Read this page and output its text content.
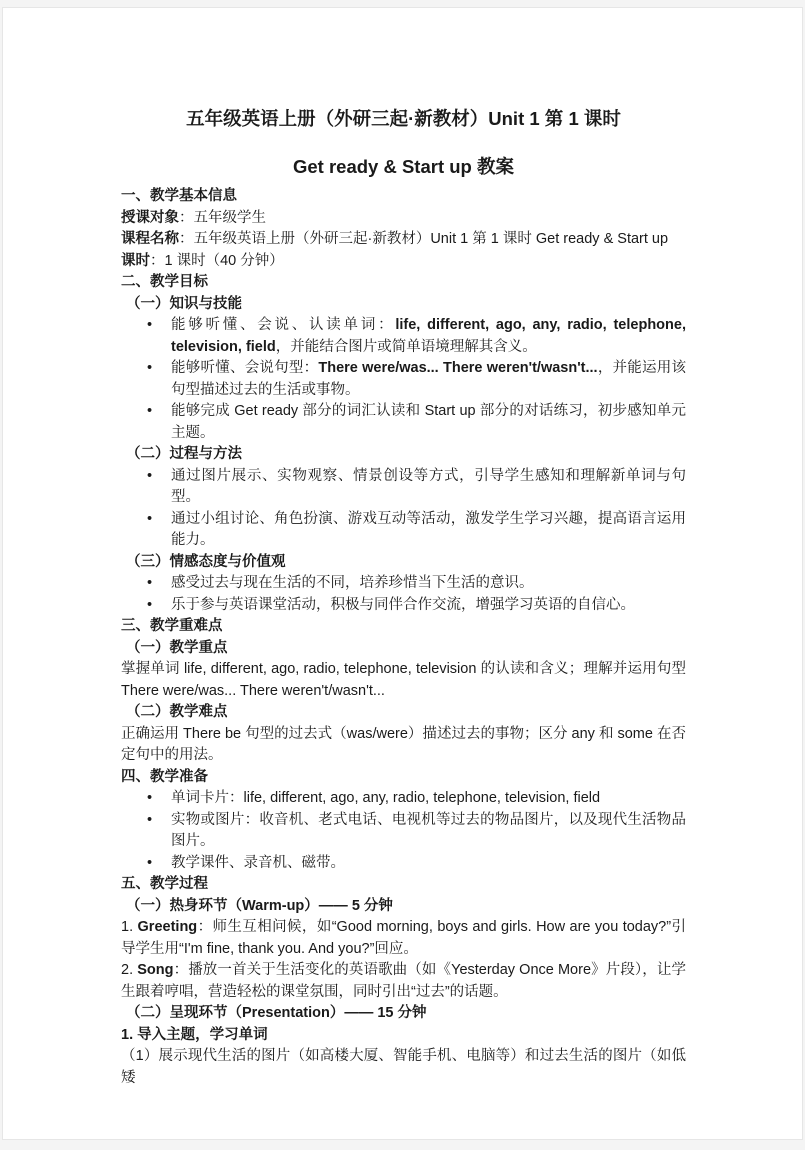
五年级英语上册（外研三起·新教材）Unit 1 第 1 课时
Get ready & Start up 教案
一、教学基本信息
授课对象：五年级学生
课程名称：五年级英语上册（外研三起·新教材）Unit 1 第 1 课时 Get ready & Start up
课时：1 课时（40 分钟）
二、教学目标
（一）知识与技能
• 能够听懂、会说、认读单词：life, different, ago, any, radio, telephone, television, field，并能结合图片或简单语境理解其含义。
• 能够听懂、会说句型：There were/was... There weren't/wasn't...，并能运用该句型描述过去的生活或事物。
• 能够完成 Get ready 部分的词汇认读和 Start up 部分的对话练习，初步感知单元主题。
（二）过程与方法
• 通过图片展示、实物观察、情景创设等方式，引导学生感知和理解新单词与句型。
• 通过小组讨论、角色扮演、游戏互动等活动，激发学生学习兴趣，提高语言运用能力。
（三）情感态度与价值观
• 感受过去与现在生活的不同，培养珍惜当下生活的意识。
• 乐于参与英语课堂活动，积极与同伴合作交流，增强学习英语的自信心。
三、教学重难点
（一）教学重点
掌握单词 life, different, ago, radio, telephone, television 的认读和含义；理解并运用句型 There were/was... There weren't/wasn't...
（二）教学难点
正确运用 There be 句型的过去式（was/were）描述过去的事物；区分 any 和 some 在否定句中的用法。
四、教学准备
• 单词卡片：life, different, ago, any, radio, telephone, television, field
• 实物或图片：收音机、老式电话、电视机等过去的物品图片，以及现代生活物品图片。
• 教学课件、录音机、磁带。
五、教学过程
（一）热身环节（Warm-up）—— 5 分钟
1. Greeting：师生互相问候，如“Good morning, boys and girls. How are you today?”引导学生用“I'm fine, thank you. And you?”回应。
2. Song：播放一首关于生活变化的英语歌曲（如《Yesterday Once More》片段），让学生跟着哼唱，营造轻松的课堂氛围，同时引出“过去”的话题。
（二）呈现环节（Presentation）—— 15 分钟
1. 导入主题，学习单词
（1）展示现代生活的图片（如高楼大厦、智能手机、电脑等）和过去生活的图片（如低矮
